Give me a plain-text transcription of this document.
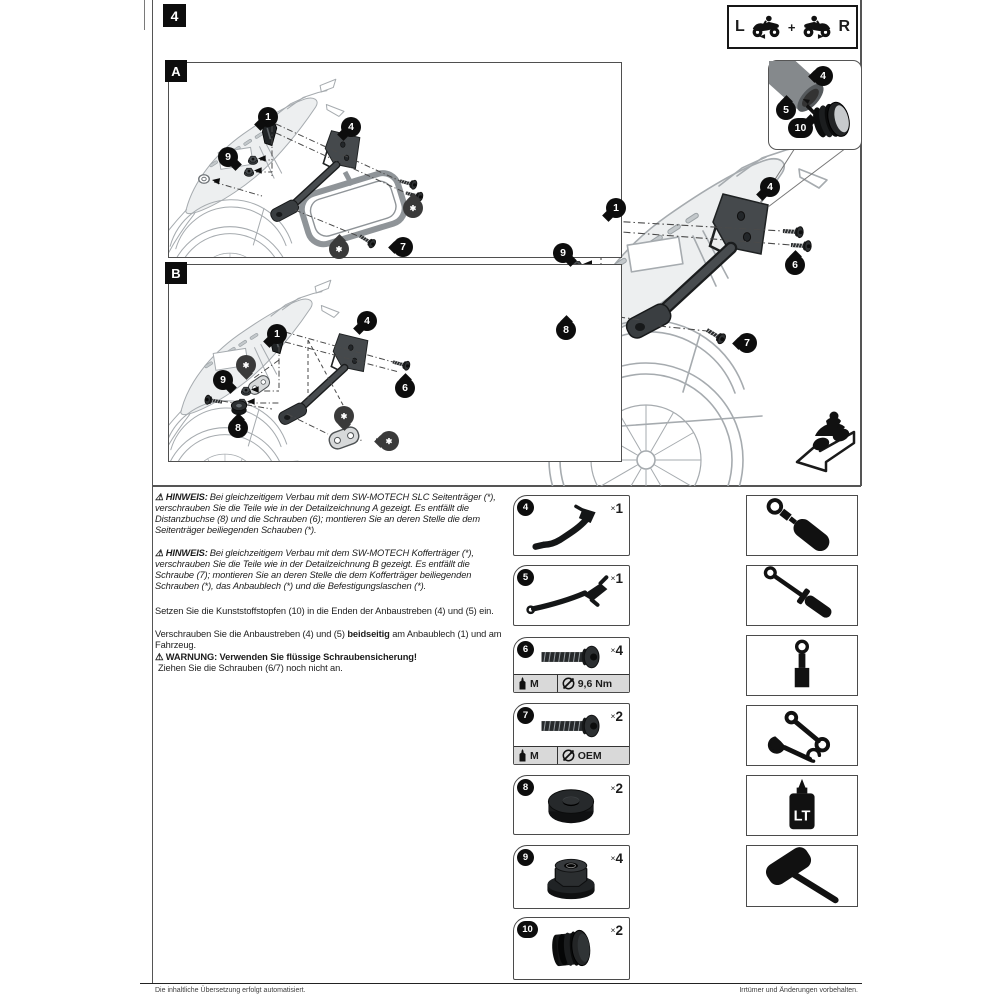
4
A
B
L	+	R

⚠ HINWEIS: Bei gleichzeitigem Verbau mit dem SW-MOTECH SLC Seitenträger (*), verschrauben Sie die Teile wie in der Detailzeichnung A gezeigt. Es entfällt die Distanzbuchse (8) und die Schrauben (6); montieren Sie an deren Stelle die dem Seitenträger beiliegenden Schauben (*).

⚠ HINWEIS: Bei gleichzeitigem Verbau mit dem SW-MOTECH Kofferträger (*), verschrauben Sie die Teile wie in der Detailzeichnung B gezeigt. Es entfällt die Schraube (7); montieren Sie an deren Stelle die dem Kofferträger beiliegenden Schrauben (*), das Anbaublech (*) und die Befestigungslaschen (*).

Setzen Sie die Kunststoffstopfen (10) in die Enden der Anbaustreben (4) und (5) ein.

Verschrauben Sie die Anbaustreben (4) und (5) beidseitig am Anbaublech (1) und am Fahrzeug.

⚠ WARNUNG: Verwenden Sie flüssige Schraubensicherung!

Ziehen Sie die Schrauben (6/7) noch nicht an.

4	×1
5	×1
6	×4
M	9,6 Nm
7	×2
M	OEM
8	×2
9	×4
10	×2
LT
Die inhaltliche Übersetzung erfolgt automatisiert.	Irrtümer und Änderungen vorbehalten.
1
9
8
4
6
7
4
5
10
1
4
9
✱
✱	7
1
4
✱
9
6
8
✱
✱
